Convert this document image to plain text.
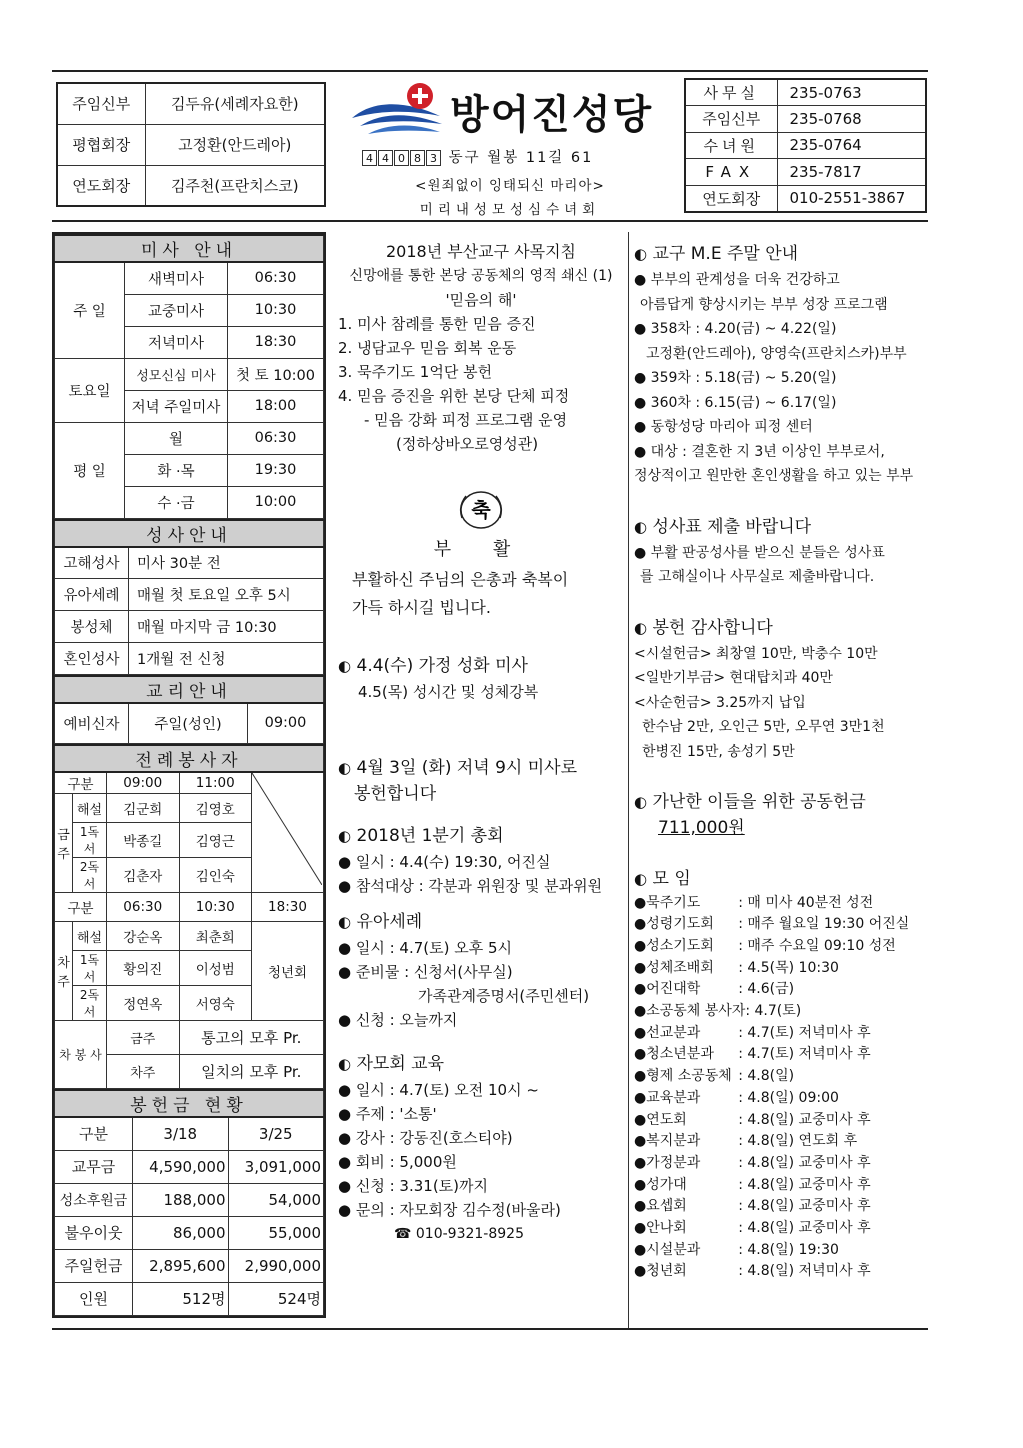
주임신부	김두유(세례자요한)
평협회장	고정환(안드레아)
연도회장	김주천(프란치스코)
방어진성당
4 4 0 8 3 동구 월봉 11길 61
<원죄없이 잉태되신 마리아>
미리내성모성심수녀회
사무실	235-0763
주임신부	235-0768
수녀원	235-0764
FAX	235-7817
연도회장	010-2551-3867
미사 안내		
주 일	새벽미사	06:30
	교중미사	10:30
	저녁미사	18:30
토요일	성모신심 미사	첫 토 10:00
	저녁 주일미사	18:00
평 일	월	06:30
	화 ·목	19:30
	수 ·금	10:00
성사안내	
고해성사	미사 30분 전
유아세례	매월 첫 토요일 오후 5시
봉성체	매월 마지막 금 10:30
혼인성사	1개월 전 신청
교리안내
예비신자	주일(성인)	09:00
전례봉사자				
구분		09:00	11:00	

금주	해설	김군희	김영호	
	1독서	박종길	김영근	
	2독서	김춘자	김인숙	
구분		06:30	10:30	18:30
차주	해설	강순옥	최춘희	청년회
	1독서	황의진	이성범	
	2독서	정연옥	서영숙	
차 봉 사		금주	통고의 모후 Pr.	
		차주	일치의 모후 Pr.	
봉헌금 현황		
구분	3/18	3/25
교무금	4,590,000	3,091,000
성소후원금	188,000	54,000
불우이웃	86,000	55,000
주일헌금	2,895,600	2,990,000
인원	512명	524명

2018년 부산교구 사목지침

신망애를 통한 본당 공동체의 영적 쇄신 (1)

'믿음의 해'

1. 미사 참례를 통한 믿음 증진

2. 냉담교우 믿음 회복 운동

3. 묵주기도 1억단 봉헌

4. 믿음 증진을 위한 본당 단체 피정

- 믿음 강화 피정 프로그램 운영

(정하상바오로영성관)

축

부 활

부활하신 주님의 은총과 축복이

가득 하시길 빕니다.

◐ 4.4(수) 가정 성화 미사

4.5(목) 성시간 및 성체강복

◐ 4월 3일 (화) 저녁 9시 미사로

봉헌합니다

◐ 2018년 1분기 총회

● 일시 : 4.4(수) 19:30, 어진실

● 참석대상 : 각분과 위원장 및 분과위원

◐ 유아세례

● 일시 : 4.7(토) 오후 5시

● 준비물 : 신청서(사무실)

가족관계증명서(주민센터)

● 신청 : 오늘까지

◐ 자모회 교육

● 일시 : 4.7(토) 오전 10시 ~

● 주제 : '소통'

● 강사 : 강동진(호스티야)

● 회비 : 5,000원

● 신청 : 3.31(토)까지

● 문의 : 자모회장 김수정(바울라)

☎ 010-9321-8925

◐ 교구 M.E 주말 안내

● 부부의 관계성을 더욱 건강하고

아름답게 향상시키는 부부 성장 프로그램

● 358차 : 4.20(금) ~ 4.22(일)

고정환(안드레아), 양영숙(프란치스카)부부

● 359차 : 5.18(금) ~ 5.20(일)

● 360차 : 6.15(금) ~ 6.17(일)

● 동항성당 마리아 피정 센터

● 대상 : 결혼한 지 3년 이상인 부부로서,

정상적이고 원만한 혼인생활을 하고 있는 부부

◐ 성사표 제출 바랍니다

● 부활 판공성사를 받으신 분들은 성사표

를 고해실이나 사무실로 제출바랍니다.

◐ 봉헌 감사합니다

<시설헌금> 최창열 10만, 박충수 10만

<일반기부금> 현대탑치과 40만

<사순헌금> 3.25까지 납입

한수남 2만, 오인근 5만, 오무연 3만1천

한병진 15만, 송성기 5만

◐ 가난한 이들을 위한 공동헌금

711,000원

◐ 모 임

●묵주기도	: 매 미사 40분전 성전

●성령기도회 : 매주 월요일 19:30 어진실

●성소기도회 : 매주 수요일 09:10 성전

●성체조배회 : 4.5(목) 10:30

●어진대학	: 4.6(금)

●소공동체 봉사자: 4.7(토)

●선교분과	: 4.7(토) 저녁미사 후

●청소년분과 : 4.7(토) 저녁미사 후

●형제 소공동체 : 4.8(일)

●교육분과	: 4.8(일) 09:00

●연도회	: 4.8(일) 교중미사 후

●복지분과	: 4.8(일) 연도회 후

●가정분과	: 4.8(일) 교중미사 후

●성가대	: 4.8(일) 교중미사 후

●요셉회	: 4.8(일) 교중미사 후

●안나회	: 4.8(일) 교중미사 후

●시설분과	: 4.8(일) 19:30

●청년회	: 4.8(일) 저녁미사 후
